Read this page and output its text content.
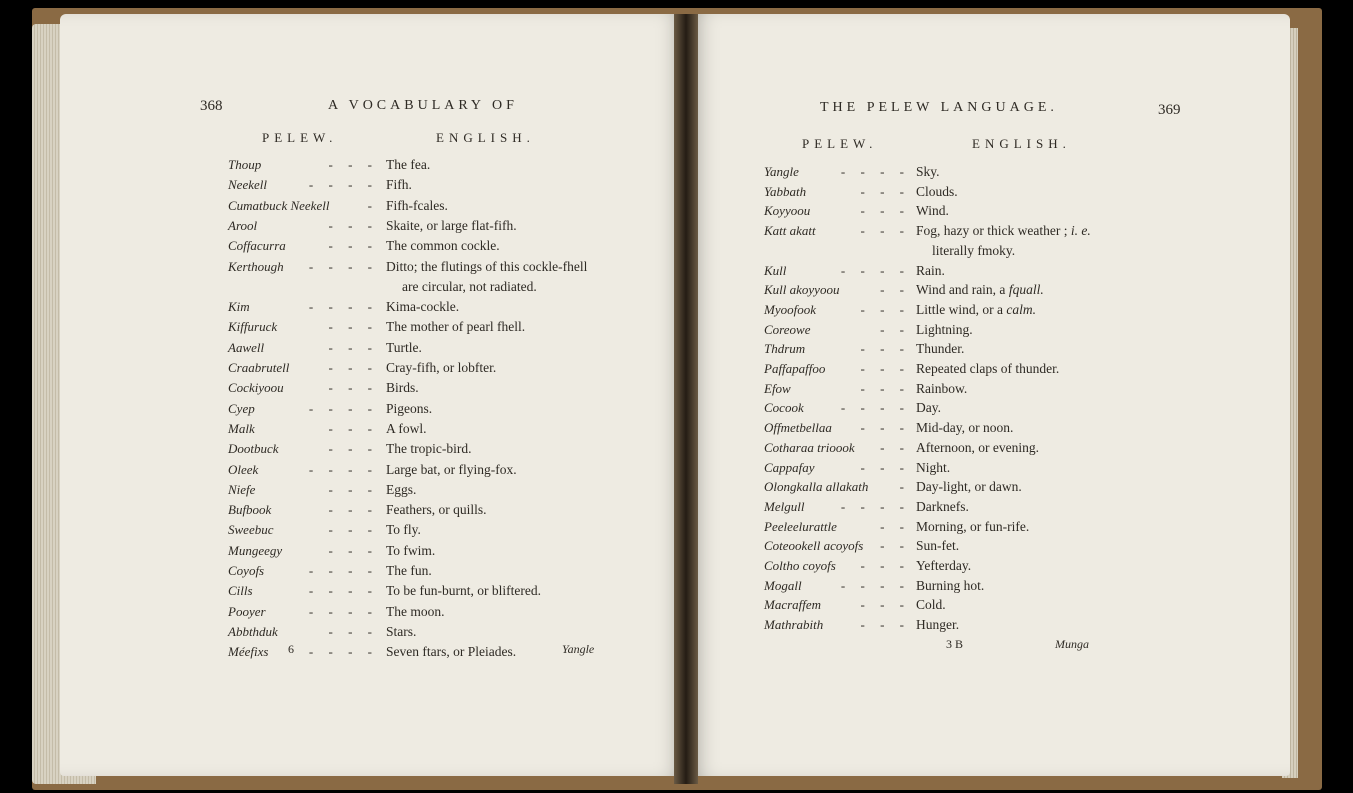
368	A VOCABULARY OF
PELEW.	ENGLISH.
Thoup	- - - The fea.
Neekell	- - - - Fifh.
Cumatbuck Neekell	- Fifh-fcales.
Arool	- - - Skaite, or large flat-fifh.
Coffacurra	- - - The common cockle.
Kerthough - - - - Ditto; the flutings of this cockle-fhell
are circular, not radiated.
Kim	- - - - Kima-cockle.
Kiffuruck	- - - The mother of pearl fhell.
Aawell	- - - Turtle.
Craabrutell	- - - Cray-fifh, or lobfter.
Cockiyoou	- - - Birds.
Cyep	- - - - Pigeons.
Malk	- - - A fowl.
Dootbuck	- - - The tropic-bird.
Oleek	- - - - Large bat, or flying-fox.
Niefe	- - - Eggs.
Bufbook	- - - Feathers, or quills.
Sweebuc	- - - To fly.
Mungeegy	- - - To fwim.
Coyofs	- - - - The fun.
Cills	- - - - To be fun-burnt, or bliftered.
Pooyer	- - - - The moon.
Abbthduk	- - - Stars.
Méefixs	- - - - Seven ftars, or Pleiades.
6	Yangle
THE PELEW LANGUAGE.	369
PELEW.	ENGLISH.
Yangle	- - - - Sky.
Yabbath	- - - Clouds.
Koyyoou	- - - Wind.
Katt akatt	- - - Fog, hazy or thick weather ; i. e.
literally fmoky.
Kull	- - - - Rain.
Kull akoyyoou	- - Wind and rain, a fquall.
Myoofook	- - - Little wind, or a calm.
Coreowe	- - Lightning.
Thdrum	- - - Thunder.
Paffapaffoo	- - - Repeated claps of thunder.
Efow	- - - Rainbow.
Cocook	- - - - Day.
Offmetbellaa - - - Mid-day, or noon.
Cotharaa trioook - - Afternoon, or evening.
Cappafay	- - - Night.
Olongkalla allakath - Day-light, or dawn.
Melgull	- - - - Darknefs.
Peeleelurattle	- - Morning, or fun-rife.
Coteookell acoyofs - - Sun-fet.
Coltho coyofs - - - Yefterday.
Mogall	- - - - Burning hot.
Macraffem	- - - Cold.
Mathrabith	- - - Hunger.
3 B	Munga
